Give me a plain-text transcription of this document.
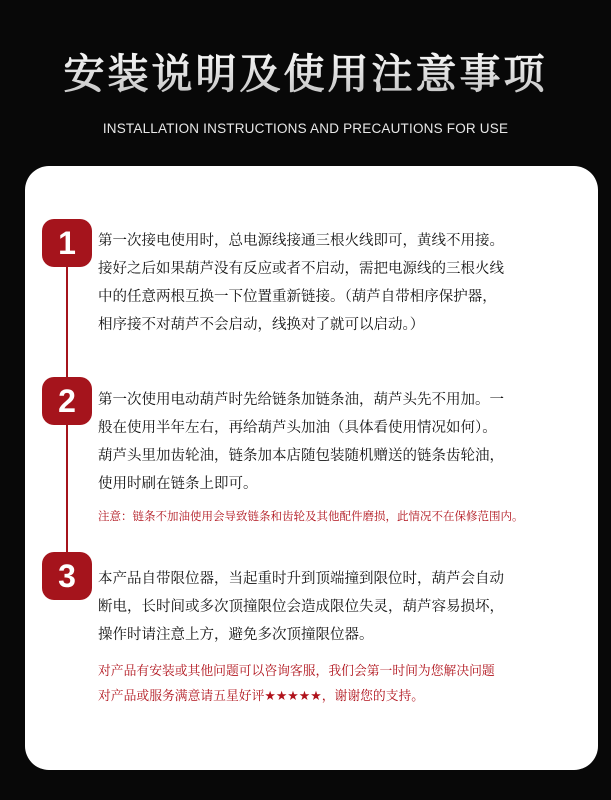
安装说明及使用注意事项
INSTALLATION INSTRUCTIONS AND PRECAUTIONS FOR USE
1	第一次接电使用时，总电源线接通三根火线即可，黄线不用接。
接好之后如果葫芦没有反应或者不启动，需把电源线的三根火线
中的任意两根互换一下位置重新链接。（葫芦自带相序保护器，
相序接不对葫芦不会启动，线换对了就可以启动。）

2	第一次使用电动葫芦时先给链条加链条油，葫芦头先不用加。一
般在使用半年左右，再给葫芦头加油（具体看使用情况如何）。
葫芦头里加齿轮油，链条加本店随包装随机赠送的链条齿轮油，
使用时刷在链条上即可。

注意：链条不加油使用会导致链条和齿轮及其他配件磨损，此情况不在保修范围内。

3	本产品自带限位器，当起重时升到顶端撞到限位时，葫芦会自动
断电，长时间或多次顶撞限位会造成限位失灵，葫芦容易损坏，
操作时请注意上方，避免多次顶撞限位器。

对产品有安装或其他问题可以咨询客服，我们会第一时间为您解决问题
对产品或服务满意请五星好评★★★★★，谢谢您的支持。
